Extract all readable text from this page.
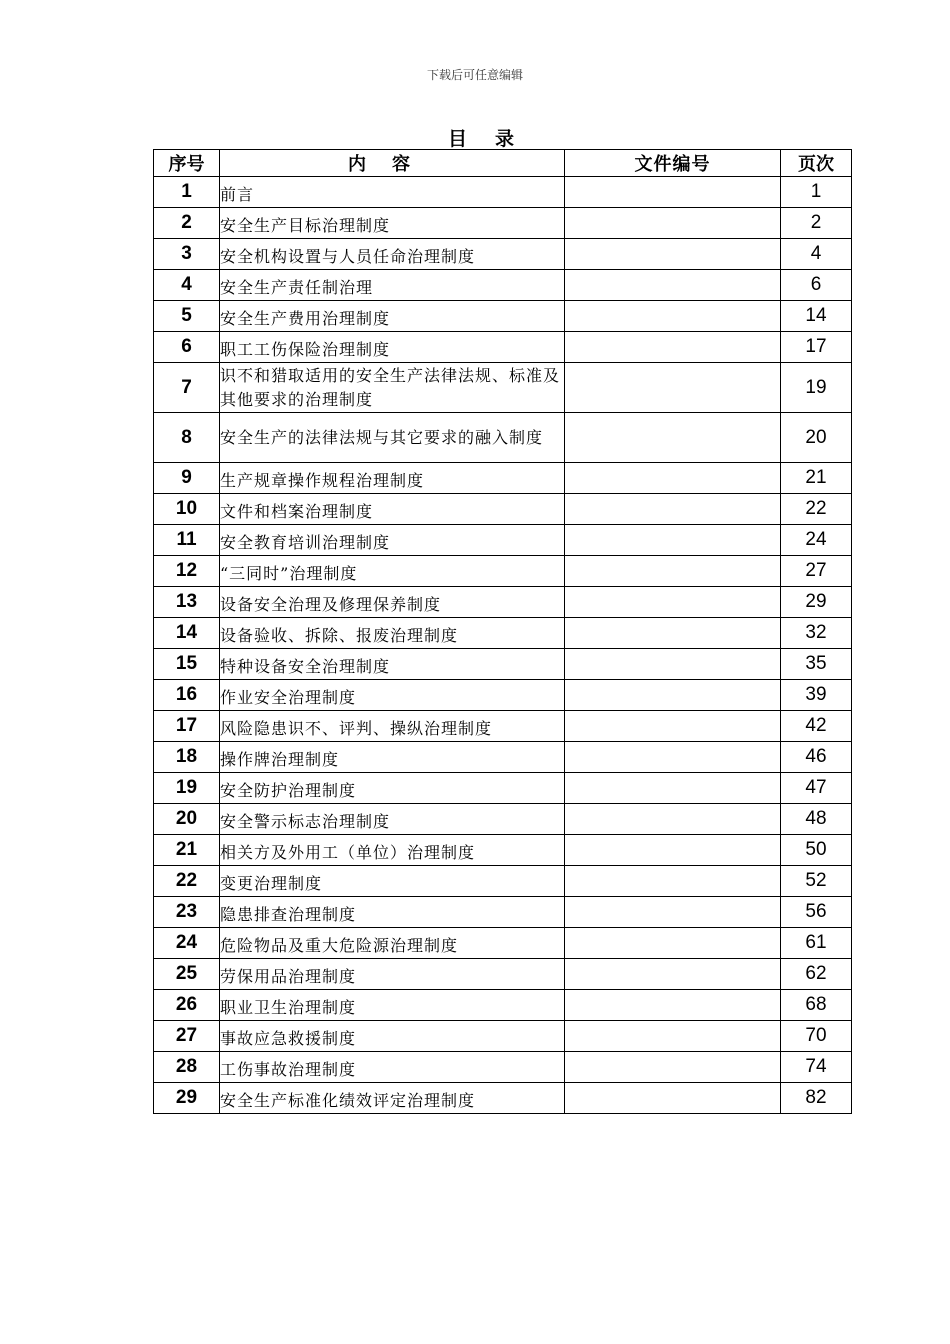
下载后可任意编辑
目录
序号	内容	文件编号	页次
1	前言		1
2	安全生产目标治理制度		2
3	安全机构设置与人员任命治理制度		4
4	安全生产责任制治理		6
5	安全生产费用治理制度		14
6	职工工伤保险治理制度		17
7	识不和猎取适用的安全生产法律法规、标准及其他要求的治理制度		19
8	安全生产的法律法规与其它要求的融入制度		20
9	生产规章操作规程治理制度		21
10	文件和档案治理制度		22
11	安全教育培训治理制度		24
12	“三同时”治理制度		27
13	设备安全治理及修理保养制度		29
14	设备验收、拆除、报废治理制度		32
15	特种设备安全治理制度		35
16	作业安全治理制度		39
17	风险隐患识不、评判、操纵治理制度		42
18	操作牌治理制度		46
19	安全防护治理制度		47
20	安全警示标志治理制度		48
21	相关方及外用工（单位）治理制度		50
22	变更治理制度		52
23	隐患排查治理制度		56
24	危险物品及重大危险源治理制度		61
25	劳保用品治理制度		62
26	职业卫生治理制度		68
27	事故应急救援制度		70
28	工伤事故治理制度		74
29	安全生产标准化绩效评定治理制度		82
